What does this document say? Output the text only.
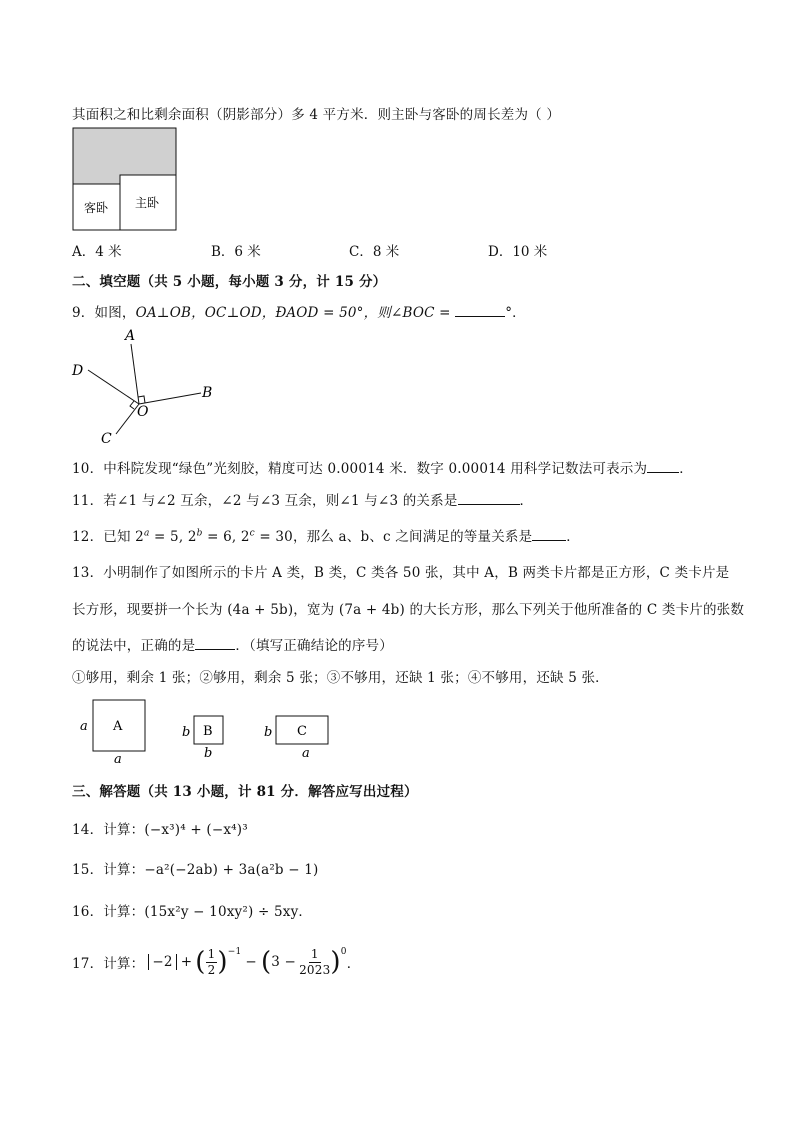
其面积之和比剩余面积（阴影部分）多 4 平方米．则主卧与客卧的周长差为（ ）
客卧 主卧
A．4 米	B．6 米	C．8 米	D．10 米
二、填空题（共 5 小题，每小题 3 分，计 15 分）
9．如图，OA⊥OB，OC⊥OD，ÐAOD = 50°，则∠BOC =	°．
A
B
C
D
O
10．中科院发现“绿色”光刻胶，精度可达 0.00014 米．数字 0.00014 用科学记数法可表示为 ．
11．若∠1 与∠2 互余，∠2 与∠3 互余，则∠1 与∠3 的关系是	．
12．已知 $2^a = 5$, $2^b = 6$, $2^c = 30$，那么 a、b、c 之间满足的等量关系是	．
13．小明制作了如图所示的卡片 A 类，B 类，C 类各 50 张，其中 A，B 两类卡片都是正方形，C 类卡片是
长方形，现要拼一个长为 (4a + 5b)，宽为 (7a + 4b) 的大长方形，那么下列关于他所准备的 C 类卡片的张数
的说法中，正确的是	．（填写正确结论的序号）
①够用，剩余 1 张；②够用，剩余 5 张；③不够用，还缺 1 张；④不够用，还缺 5 张．
A
a
a
B
b
b
C
b
a
三、解答题（共 13 小题，计 81 分．解答应写出过程）
14．计算：(−x³)⁴ + (−x⁴)³
15．计算：−a²(−2ab) + 3a(a²b − 1)
16．计算：(15x²y − 10xy²) ÷ 5xy．
17．计算： −2 + ( $\frac{1}{2} )^{-1}$
− ( $3 - \frac{1}{2023} )^0$
．
